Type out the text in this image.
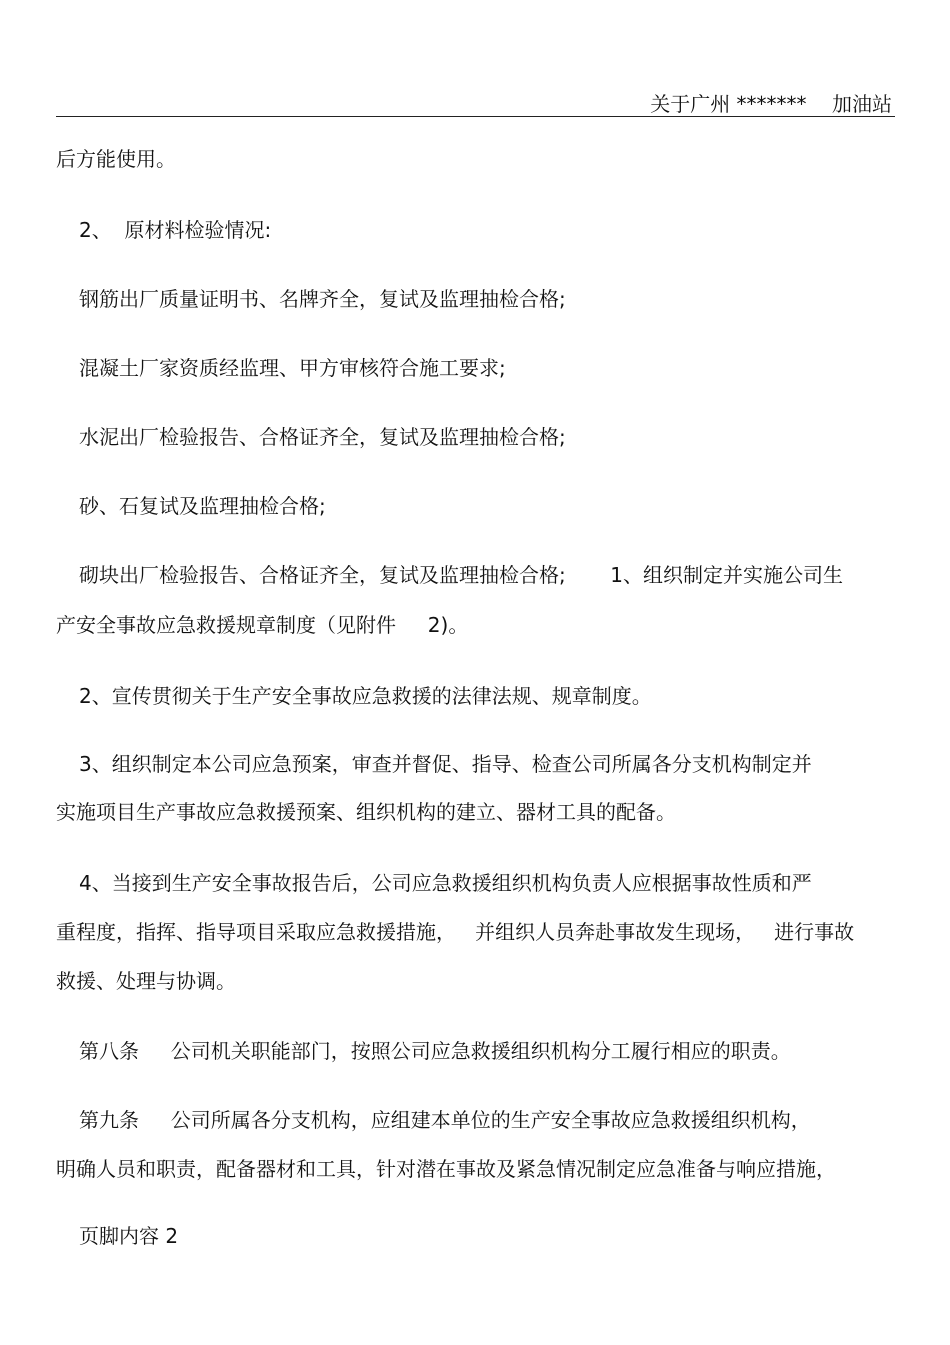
关于广州 *******    加油站
后方能使用。
2、  原材料检验情况:
钢筋出厂质量证明书、名牌齐全，复试及监理抽检合格;
混凝土厂家资质经监理、甲方审核符合施工要求;
水泥出厂检验报告、合格证齐全，复试及监理抽检合格;
砂、石复试及监理抽检合格;
砌块出厂检验报告、合格证齐全，复试及监理抽检合格;       1、组织制定并实施公司生
产安全事故应急救援规章制度（见附件     2)。
2、宣传贯彻关于生产安全事故应急救援的法律法规、规章制度。
3、组织制定本公司应急预案，审查并督促、指导、检查公司所属各分支机构制定并
实施项目生产事故应急救援预案、组织机构的建立、器材工具的配备。
4、当接到生产安全事故报告后，公司应急救援组织机构负责人应根据事故性质和严
重程度，指挥、指导项目采取应急救援措施，   并组织人员奔赴事故发生现场，   进行事故
救援、处理与协调。
第八条     公司机关职能部门，按照公司应急救援组织机构分工履行相应的职责。
第九条     公司所属各分支机构，应组建本单位的生产安全事故应急救援组织机构，
明确人员和职责，配备器材和工具，针对潜在事故及紧急情况制定应急准备与响应措施，
页脚内容 2
